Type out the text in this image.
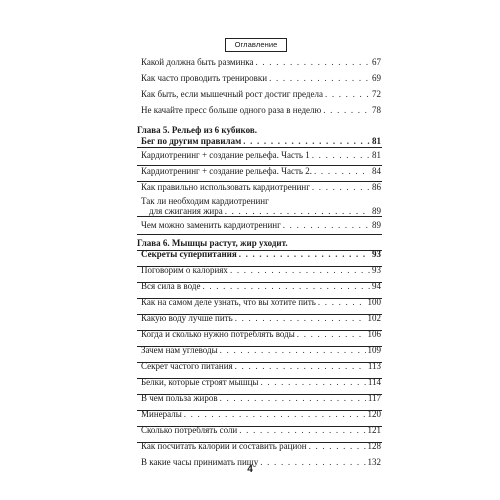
Оглавление
Какой должна быть разминка . . .	67
Как часто проводить тренировки . . .	69
Как быть, если мышечный рост достиг предела . . .	72
Не качайте пресс больше одного раза в неделю . . .	78
Глава 5. Рельеф из 6 кубиков.
Бег по другим правилам . . .	81
Кардиотренинг + создание рельефа. Часть 1 . . .	81
Кардиотренинг + создание рельефа. Часть 2. . . .	84
Как правильно использовать кардиотренинг . . .	86
Так ли необходим кардиотренинг
для сжигания жира . . .	89
Чем можно заменить кардиотренинг . . .	89
Глава 6. Мышцы растут, жир уходит.
Секреты суперпитания . . .	93
Поговорим о калориях . . .	93
Вся сила в воде . . .	94
Как на самом деле узнать, что вы хотите пить . . .	100
Какую воду лучше пить . . .	102
Когда и сколько нужно потреблять воды . . .	106
Зачем нам углеводы . . .	109
Секрет частого питания . . .	113
Белки, которые строят мышцы . . .	114
В чем польза жиров . . .	117
Минералы . . .	120
Сколько потреблять соли . . .	121
Как посчитать калории и составить рацион . . .	128
В какие часы принимать пищу . . .	132
4
